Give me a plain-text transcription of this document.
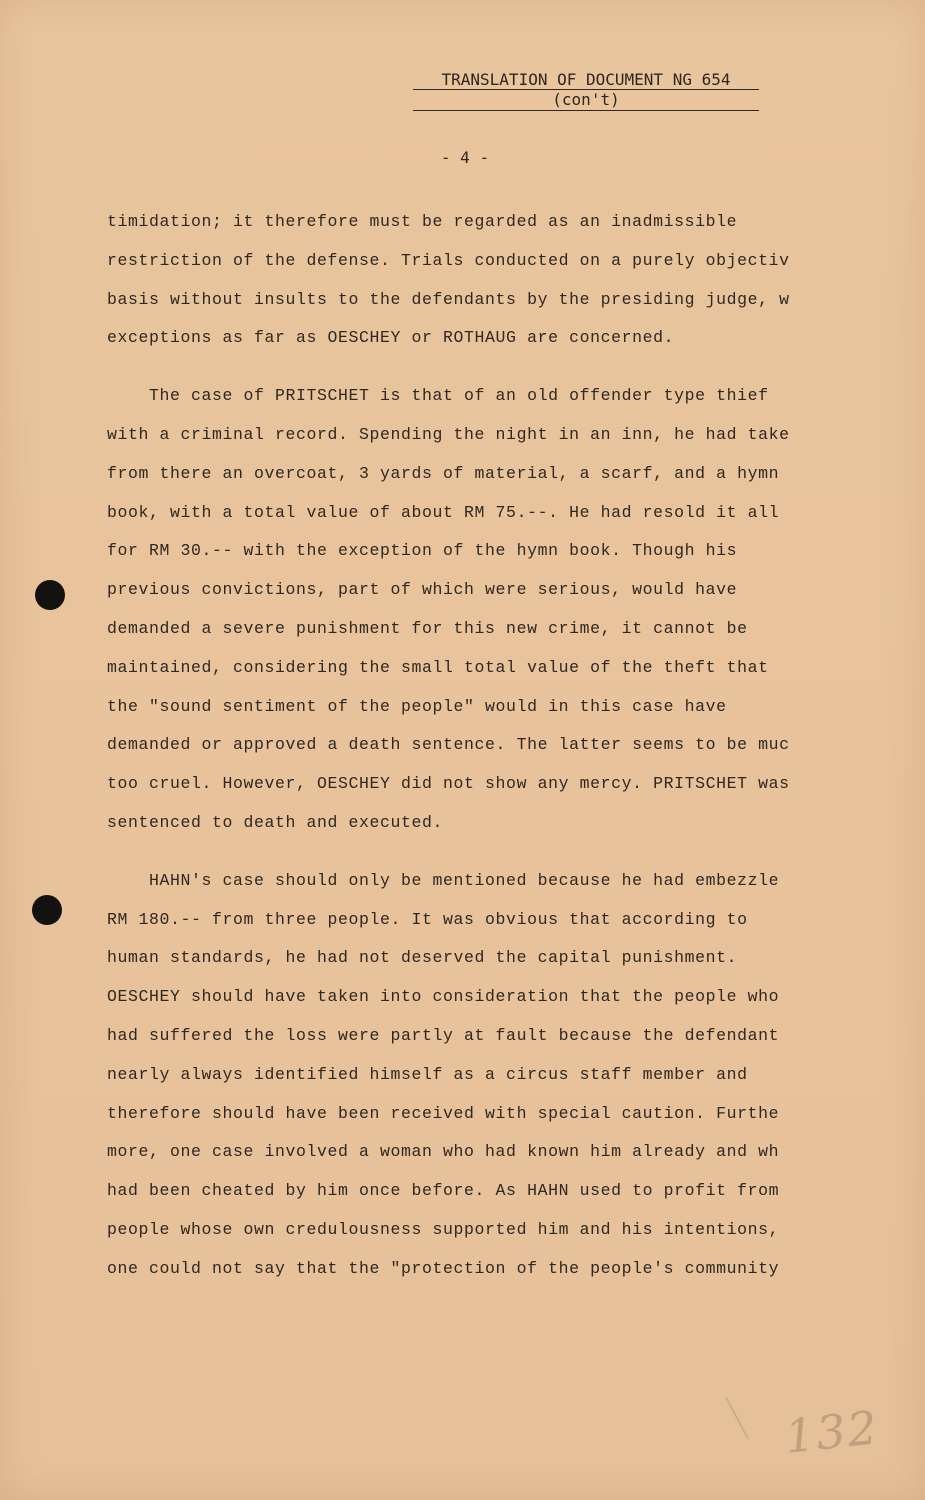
TRANSLATION OF DOCUMENT NG 654
(con't)
- 4 -
timidation; it therefore must be regarded as an inadmissible
restriction of the defense. Trials conducted on a purely objectiv
basis without insults to the defendants by the presiding judge, w
exceptions as far as OESCHEY or ROTHAUG are concerned.
The case of PRITSCHET is that of an old offender type thief
with a criminal record. Spending the night in an inn, he had take
from there an overcoat, 3 yards of material, a scarf, and a hymn
book, with a total value of about RM 75.--. He had resold it all
for RM 30.-- with the exception of the hymn book. Though his
previous convictions, part of which were serious, would have
demanded a severe punishment for this new crime, it cannot be
maintained, considering the small total value of the theft that
the "sound sentiment of the people" would in this case have
demanded or approved a death sentence. The latter seems to be muc
too cruel. However, OESCHEY did not show any mercy. PRITSCHET was
sentenced to death and executed.
HAHN's case should only be mentioned because he had embezzle
RM 180.-- from three people. It was obvious that according to
human standards, he had not deserved the capital punishment.
OESCHEY should have taken into consideration that the people who
had suffered the loss were partly at fault because the defendant
nearly always identified himself as a circus staff member and
therefore should have been received with special caution. Furthe
more, one case involved a woman who had known him already and wh
had been cheated by him once before. As HAHN used to profit from
people whose own credulousness supported him and his intentions,
one could not say that the "protection of the people's community
132
